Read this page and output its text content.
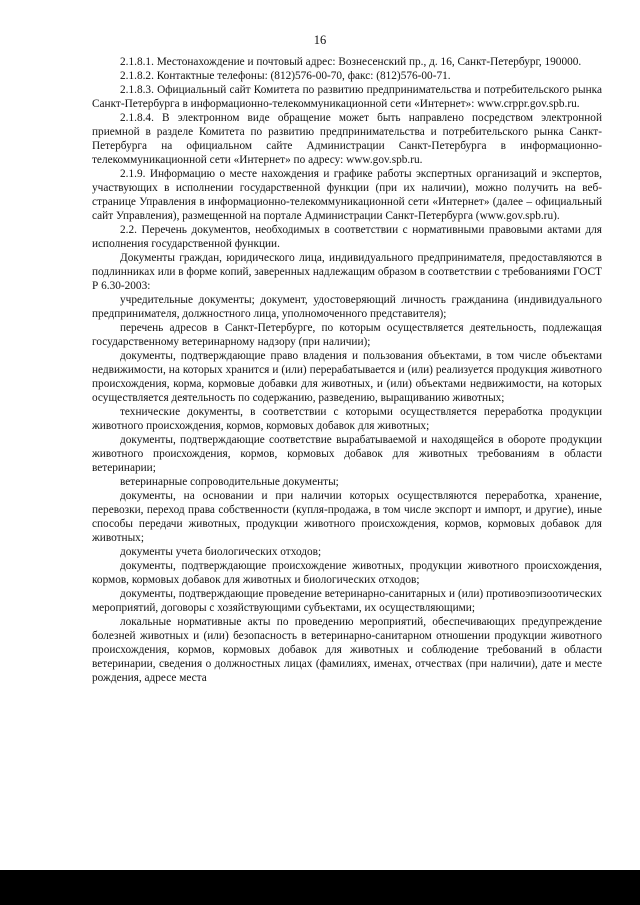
16

2.1.8.1. Местонахождение и почтовый адрес: Вознесенский пр., д. 16, Санкт-Петербург, 190000.

2.1.8.2. Контактные телефоны: (812)576-00-70, факс: (812)576-00-71.

2.1.8.3. Официальный сайт Комитета по развитию предпринимательства и потребительского рынка Санкт-Петербурга в информационно-телекоммуникационной сети «Интернет»: www.crppr.gov.spb.ru.

2.1.8.4. В электронном виде обращение может быть направлено посредством электронной приемной в разделе Комитета по развитию предпринимательства и потребительского рынка Санкт-Петербурга на официальном сайте Администрации Санкт-Петербурга в информационно-телекоммуникационной сети «Интернет» по адресу: www.gov.spb.ru.

2.1.9. Информацию о месте нахождения и графике работы экспертных организаций и экспертов, участвующих в исполнении государственной функции (при их наличии), можно получить на веб-странице Управления в информационно-телекоммуникационной сети «Интернет» (далее – официальный сайт Управления), размещенной на портале Администрации Санкт-Петербурга (www.gov.spb.ru).

2.2. Перечень документов, необходимых в соответствии с нормативными правовыми актами для исполнения государственной функции.

Документы граждан, юридического лица, индивидуального предпринимателя, предоставляются в подлинниках или в форме копий, заверенных надлежащим образом в соответствии с требованиями ГОСТ Р 6.30-2003:

учредительные документы; документ, удостоверяющий личность гражданина (индивидуального предпринимателя, должностного лица, уполномоченного представителя);

перечень адресов в Санкт-Петербурге, по которым осуществляется деятельность, подлежащая государственному ветеринарному надзору (при наличии);

документы, подтверждающие право владения и пользования объектами, в том числе объектами недвижимости, на которых хранится и (или) перерабатывается и (или) реализуется продукция животного происхождения, корма, кормовые добавки для животных, и (или) объектами недвижимости, на которых осуществляется деятельность по содержанию, разведению, выращиванию животных;

технические документы, в соответствии с которыми осуществляется переработка продукции животного происхождения, кормов, кормовых добавок для животных;

документы, подтверждающие соответствие вырабатываемой и находящейся в обороте продукции животного происхождения, кормов, кормовых добавок для животных требованиям в области ветеринарии;

ветеринарные сопроводительные документы;

документы, на основании и при наличии которых осуществляются переработка, хранение, перевозки, переход права собственности (купля-продажа, в том числе экспорт и импорт, и другие), иные способы передачи животных, продукции животного происхождения, кормов, кормовых добавок для животных;

документы учета биологических отходов;

документы, подтверждающие происхождение животных, продукции животного происхождения, кормов, кормовых добавок для животных и биологических отходов;

документы, подтверждающие проведение ветеринарно-санитарных и (или) противоэпизоотических мероприятий, договоры с хозяйствующими субъектами, их осуществляющими;

локальные нормативные акты по проведению мероприятий, обеспечивающих предупреждение болезней животных и (или) безопасность в ветеринарно-санитарном отношении продукции животного происхождения, кормов, кормовых добавок для животных и соблюдение требований в области ветеринарии, сведения о должностных лицах (фамилиях, именах, отчествах (при наличии), дате и месте рождения, адресе места
